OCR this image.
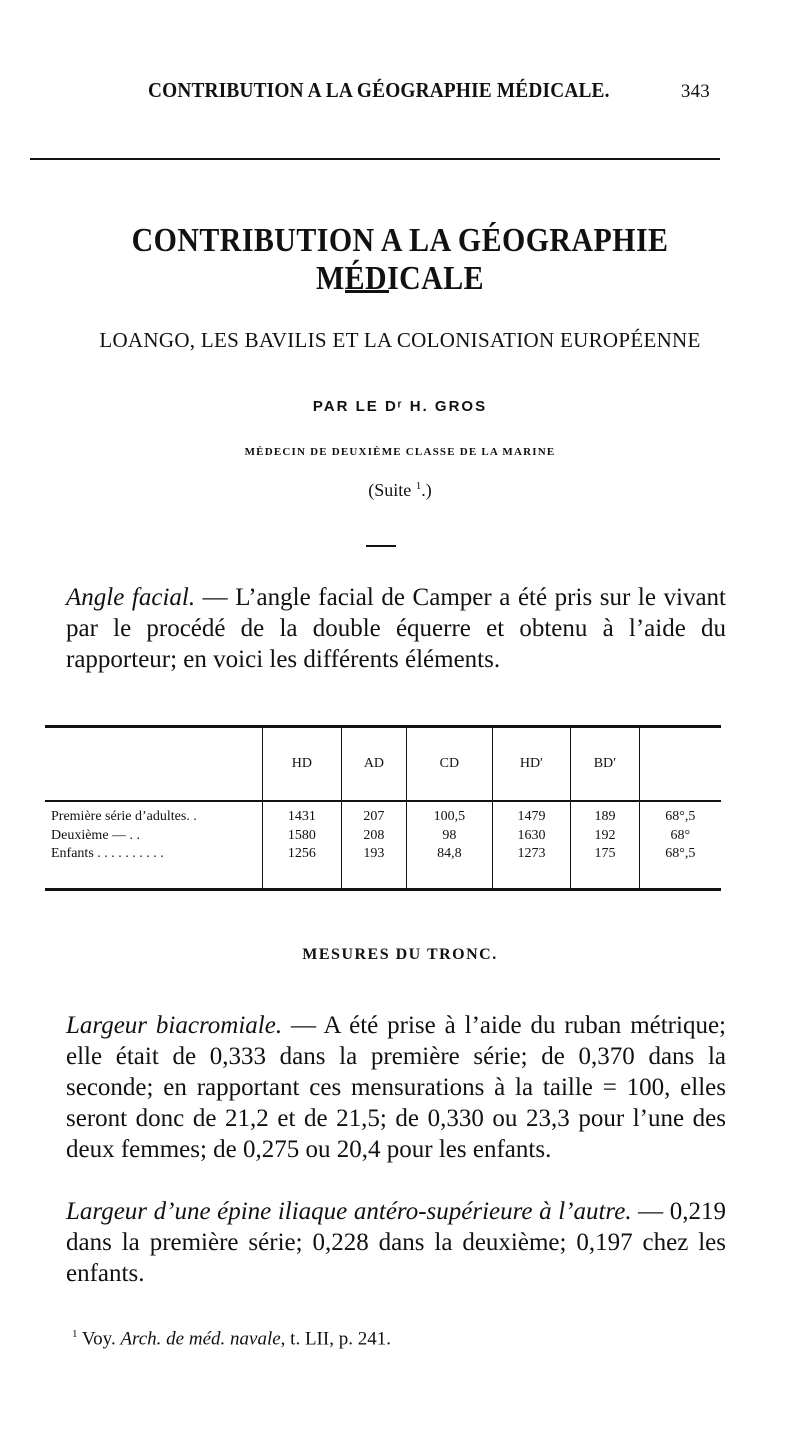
CONTRIBUTION A LA GÉOGRAPHIE MÉDICALE.	343
CONTRIBUTION A LA GÉOGRAPHIE MÉDICALE
LOANGO, LES BAVILIS ET LA COLONISATION EUROPÉENNE
PAR LE Dʳ H. GROS
MÉDECIN DE DEUXIÈME CLASSE DE LA MARINE
(Suite $^1$.)

Angle facial. — L’angle facial de Camper a été pris sur le vivant par le procédé de la double équerre et obtenu à l’aide du rapporteur; en voici les différents éléments.

	HD	AD	CD	HD′	BD′	

Première série d’adultes. .	1431	207	100,5	1479	189	68°,5
Deuxième — . .	1580	208	98	1630	192	68°
Enfants . . . . . . . . . .	1256	193	84,8	1273	175	68°,5
MESURES DU TRONC.

Largeur biacromiale. — A été prise à l’aide du ruban métrique; elle était de 0,333 dans la première série; de 0,370 dans la seconde; en rapportant ces mensurations à la taille = 100, elles seront donc de 21,2 et de 21,5; de 0,330 ou 23,3 pour l’une des deux femmes; de 0,275 ou 20,4 pour les enfants.

Largeur d’une épine iliaque antéro-supérieure à l’autre. — 0,219 dans la première série; 0,228 dans la deuxième; 0,197 chez les enfants.

$^1$ Voy. Arch. de méd. navale, t. LII, p. 241.
